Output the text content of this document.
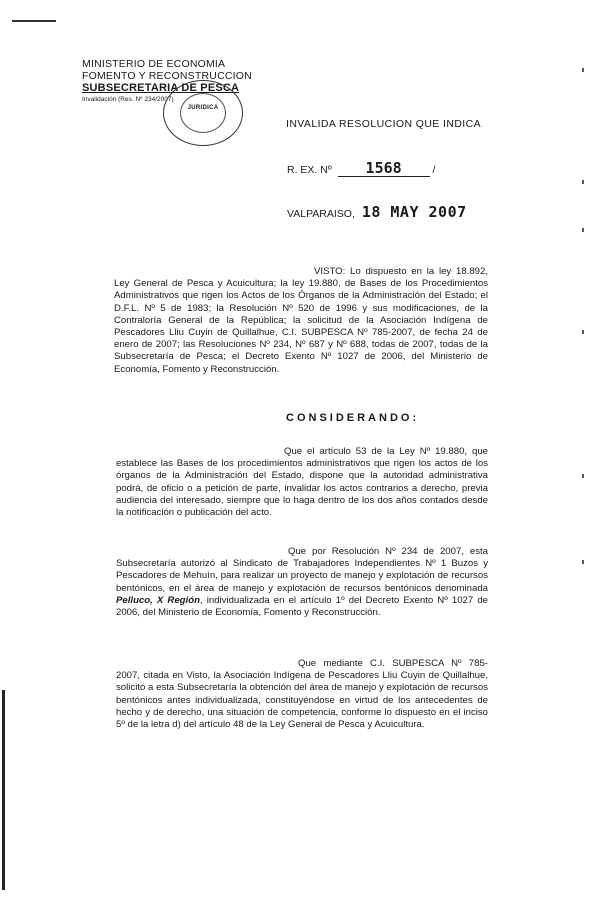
MINISTERIO DE ECONOMIA
FOMENTO Y RECONSTRUCCION
SUBSECRETARIA DE PESCA
Invalidación (Res. Nº 234/2007)
JURIDICA
INVALIDA RESOLUCION QUE INDICA
R. EX. Nº 1568	/
VALPARAISO, 18 MAY 2007

VISTO: Lo dispuesto en la ley 18.892, Ley General de Pesca y Acuicultura; la ley 19.880, de Bases de los Procedimientos Administrativos que rigen los Actos de los Órganos de la Administración del Estado; el D.F.L. Nº 5 de 1983; la Resolución Nº 520 de 1996 y sus modificaciones, de la Contraloría General de la República; la solicitud de la Asociación Indígena de Pescadores Lliu Cuyin de Quillalhue, C.I. SUBPESCA Nº 785-2007, de fecha 24 de enero de 2007; las Resoluciones Nº 234, Nº 687 y Nº 688, todas de 2007, todas de la Subsecretaría de Pesca; el Decreto Exento Nº 1027 de 2006, del Ministerio de Economía, Fomento y Reconstrucción.

CONSIDERANDO:

Que el artículo 53 de la Ley Nº 19.880, que establece las Bases de los procedimientos administrativos que rigen los actos de los órganos de la Administración del Estado, dispone que la autoridad administrativa podrá, de oficio o a petición de parte, invalidar los actos contrarios a derecho, previa audiencia del interesado, siempre que lo haga dentro de los dos años contados desde la notificación o publicación del acto.

Que por Resolución Nº 234 de 2007, esta Subsecretaría autorizó al Sindicato de Trabajadores Independientes Nº 1 Buzos y Pescadores de Mehuín, para realizar un proyecto de manejo y explotación de recursos bentónicos, en el área de manejo y explotación de recursos bentónicos denominada Pelluco, X Región, individualizada en el artículo 1º del Decreto Exento Nº 1027 de 2006, del Ministerio de Economía, Fomento y Reconstrucción.

Que mediante C.I. SUBPESCA Nº 785-2007, citada en Visto, la Asociación Indígena de Pescadores Lliu Cuyin de Quillalhue, solicitó a esta Subsecretaría la obtención del área de manejo y explotación de recursos bentónicos antes individualizada, constituyéndose en virtud de los antecedentes de hecho y de derecho, una situación de competencia, conforme lo dispuesto en el inciso 5º de la letra d) del artículo 48 de la Ley General de Pesca y Acuicultura.
